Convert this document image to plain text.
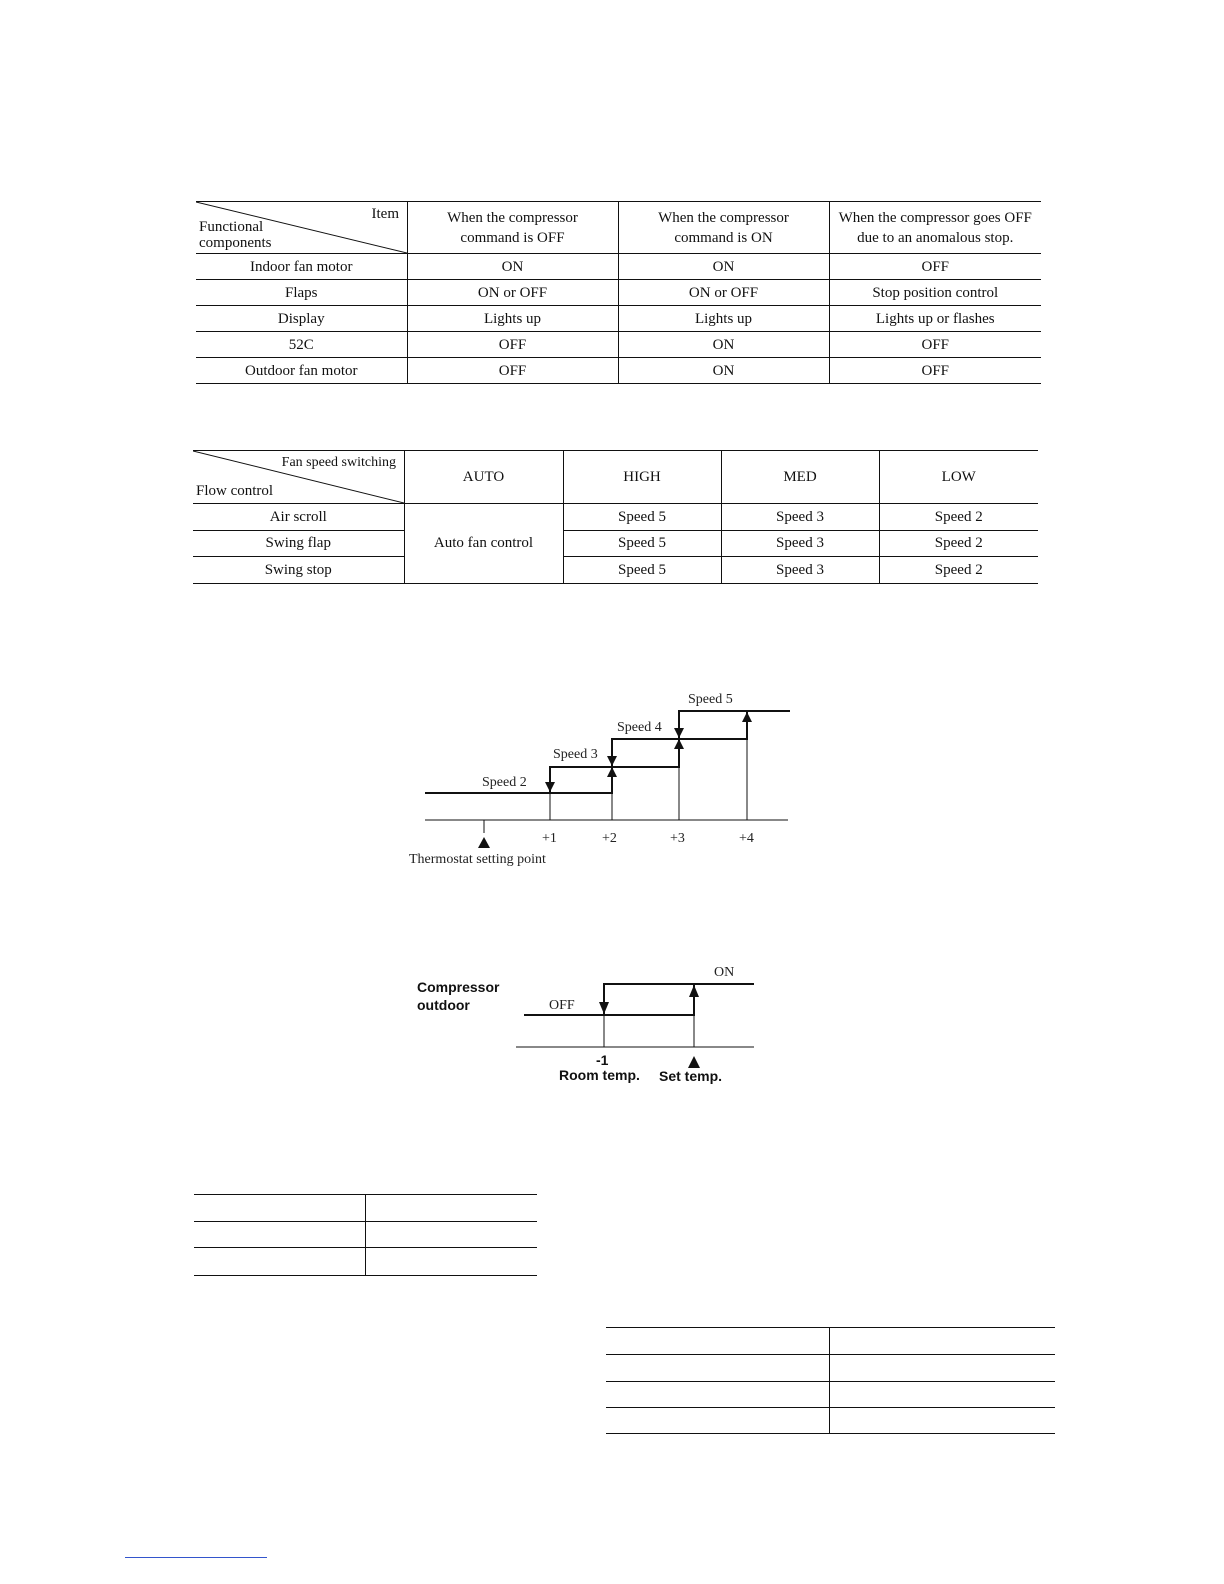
Item
Functional components	When the compressor command is OFF	When the compressor command is ON	When the compressor goes OFF due to an anomalous stop.
Indoor fan motor	ON	ON	OFF
Flaps	ON or OFF	ON or OFF	Stop position control
Display	Lights up	Lights up	Lights up or flashes
52C	OFF	ON	OFF
Outdoor fan motor	OFF	ON	OFF
Fan speed switching
Flow control	AUTO	HIGH	MED	LOW
Air scroll	Auto fan control	Speed 5	Speed 3	Speed 2
Swing flap		Speed 5	Speed 3	Speed 2
Swing stop		Speed 5	Speed 3	Speed 2
Speed 2
Speed 3
Speed 4
Speed 5
+1	+2	+3	+4
Thermostat setting point
Compressor
outdoor	OFF
ON
-1
Room temp. Set temp.
